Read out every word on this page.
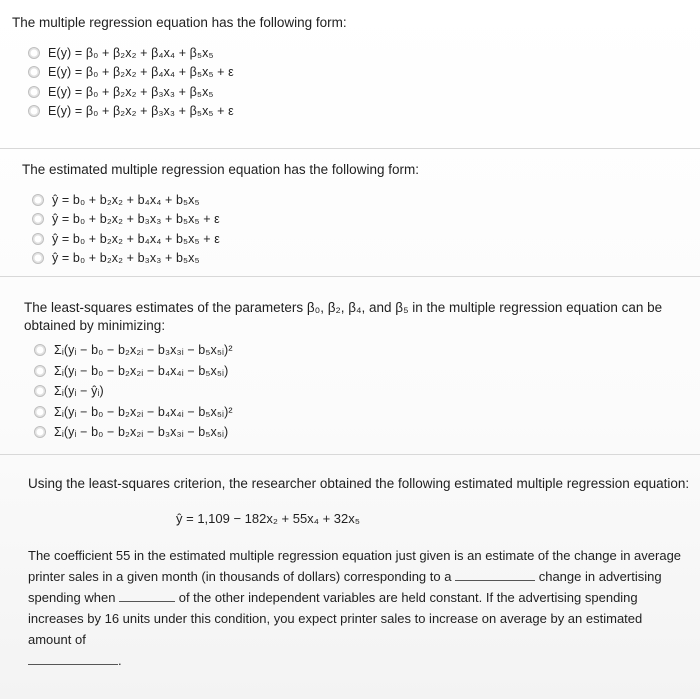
The multiple regression equation has the following form:
E(y) = β₀ + β₂x₂ + β₄x₄ + β₅x₅
E(y) = β₀ + β₂x₂ + β₄x₄ + β₅x₅ + ε
E(y) = β₀ + β₂x₂ + β₃x₃ + β₅x₅
E(y) = β₀ + β₂x₂ + β₃x₃ + β₅x₅ + ε
The estimated multiple regression equation has the following form:
ŷ = b₀ + b₂x₂ + b₄x₄ + b₅x₅
ŷ = b₀ + b₂x₂ + b₃x₃ + b₅x₅ + ε
ŷ = b₀ + b₂x₂ + b₄x₄ + b₅x₅ + ε
ŷ = b₀ + b₂x₂ + b₃x₃ + b₅x₅
The least-squares estimates of the parameters β₀, β₂, β₄, and β₅ in the multiple regression equation can be obtained by minimizing:
Σᵢ(yᵢ − b₀ − b₂x₂ᵢ − b₃x₃ᵢ − b₅x₅ᵢ)²
Σᵢ(yᵢ − b₀ − b₂x₂ᵢ − b₄x₄ᵢ − b₅x₅ᵢ)
Σᵢ(yᵢ − ŷᵢ)
Σᵢ(yᵢ − b₀ − b₂x₂ᵢ − b₄x₄ᵢ − b₅x₅ᵢ)²
Σᵢ(yᵢ − b₀ − b₂x₂ᵢ − b₃x₃ᵢ − b₅x₅ᵢ)
Using the least-squares criterion, the researcher obtained the following estimated multiple regression equation:
ŷ = 1,109 − 182x₂ + 55x₄ + 32x₅
The coefficient 55 in the estimated multiple regression equation just given is an estimate of the change in average printer sales in a given month (in thousands of dollars) corresponding to a	change in advertising spending when	of the other independent variables are held constant. If the advertising spending increases by 16 units under this condition, you expect printer sales to increase on average by an estimated amount of
.
